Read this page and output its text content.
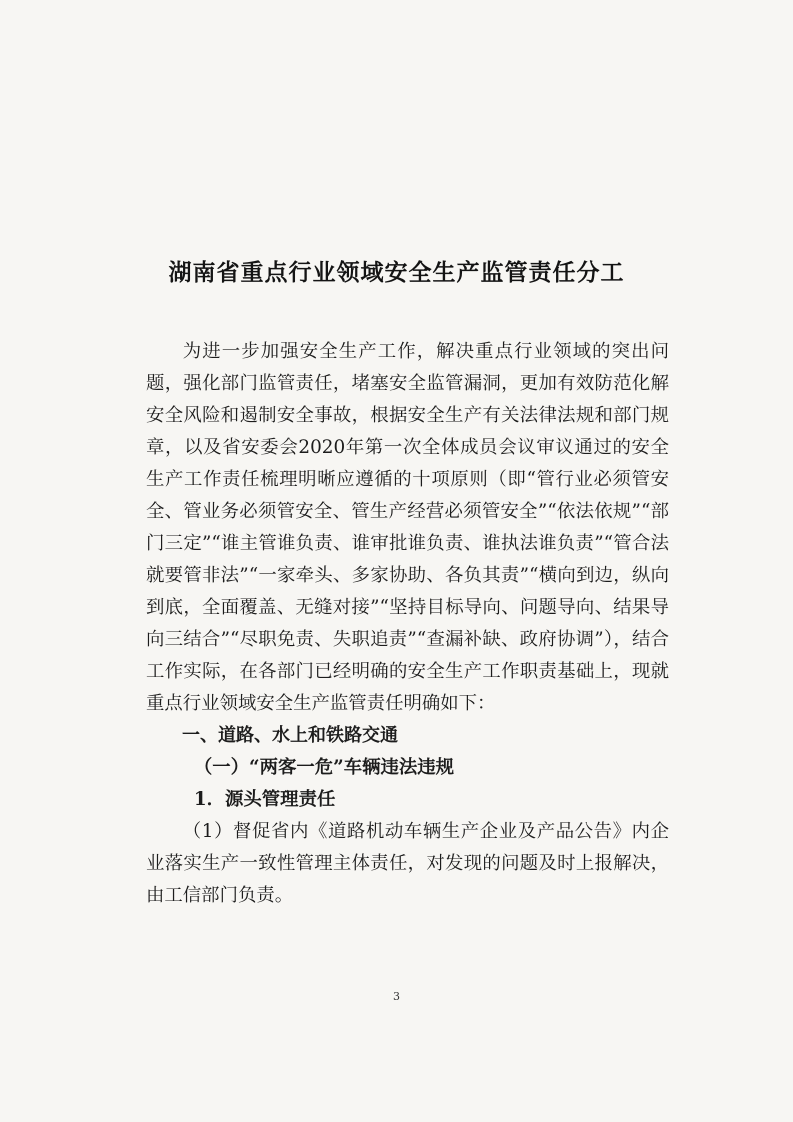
湖南省重点行业领域安全生产监管责任分工

为进一步加强安全生产工作，解决重点行业领域的突出问题，强化部门监管责任，堵塞安全监管漏洞，更加有效防范化解安全风险和遏制安全事故，根据安全生产有关法律法规和部门规章，以及省安委会2020年第一次全体成员会议审议通过的安全生产工作责任梳理明晰应遵循的十项原则（即“管行业必须管安全、管业务必须管安全、管生产经营必须管安全”“依法依规”“部门三定”“谁主管谁负责、谁审批谁负责、谁执法谁负责”“管合法就要管非法”“一家牵头、多家协助、各负其责”“横向到边，纵向到底，全面覆盖、无缝对接”“坚持目标导向、问题导向、结果导向三结合”“尽职免责、失职追责”“查漏补缺、政府协调”），结合工作实际，在各部门已经明确的安全生产工作职责基础上，现就重点行业领域安全生产监管责任明确如下：

一、道路、水上和铁路交通

（一）“两客一危”车辆违法违规

1．源头管理责任

（1）督促省内《道路机动车辆生产企业及产品公告》内企业落实生产一致性管理主体责任，对发现的问题及时上报解决，由工信部门负责。

3
